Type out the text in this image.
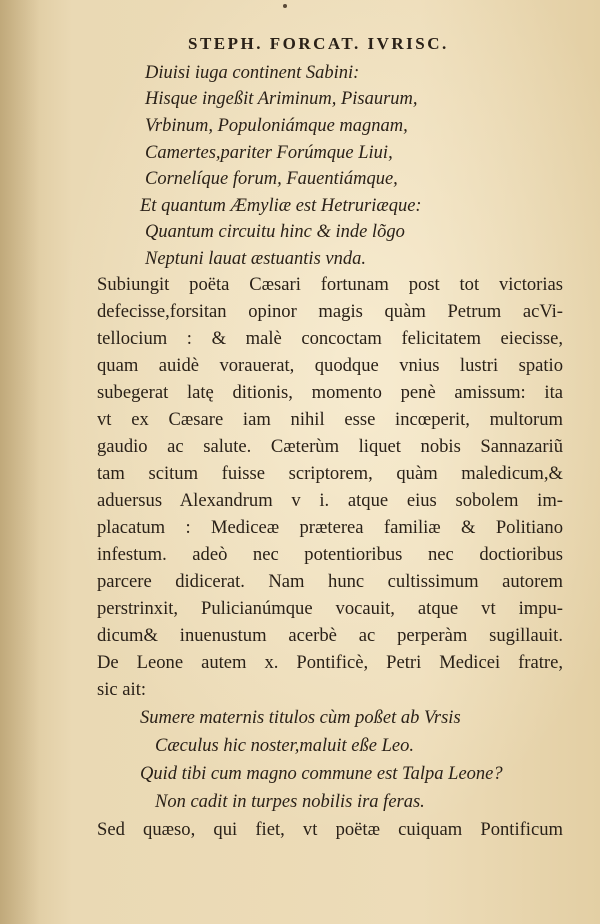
STEPH. FORCAT. IVRISC.
Diuisi iuga continent Sabini:
Hisque ingeßit Ariminum, Pisaurum,
Vrbinum, Populoniámque magnam,
Camertes,pariter Forúmque Liui,
Cornelíque forum, Fauentiámque,
Et quantum Æmyliæ est Hetruriæque:
Quantum circuitu hinc & inde lõgo
Neptuni lauat æstuantis vnda.
Subiungit poëta Cæsari fortunam post tot victorias
defecisse,forsitan opinor magis quàm Petrum acVi-
tellocium : & malè concoctam felicitatem eiecisse,
quam auidè vorauerat, quodque vnius lustri spatio
subegerat latę ditionis, momento penè amissum: ita
vt ex Cæsare iam nihil esse incœperit, multorum
gaudio ac salute. Cæterùm liquet nobis Sannazariũ
tam scitum fuisse scriptorem, quàm maledicum,&
aduersus Alexandrum v i. atque eius sobolem im-
placatum : Mediceæ præterea familiæ & Politiano
infestum. adeò nec potentioribus nec doctioribus
parcere didicerat. Nam hunc cultissimum autorem
perstrinxit, Pulicianúmque vocauit, atque vt impu-
dicum& inuenustum acerbè ac perperàm sugillauit.
De Leone autem x. Pontificè, Petri Medicei fratre,
sic ait:
Sumere maternis titulos cùm poßet ab Vrsis
Cæculus hic noster,maluit eße Leo.
Quid tibi cum magno commune est Talpa Leone?
Non cadit in turpes nobilis ira feras.
Sed quæso, qui fiet, vt poëtæ cuiquam Pontificum
